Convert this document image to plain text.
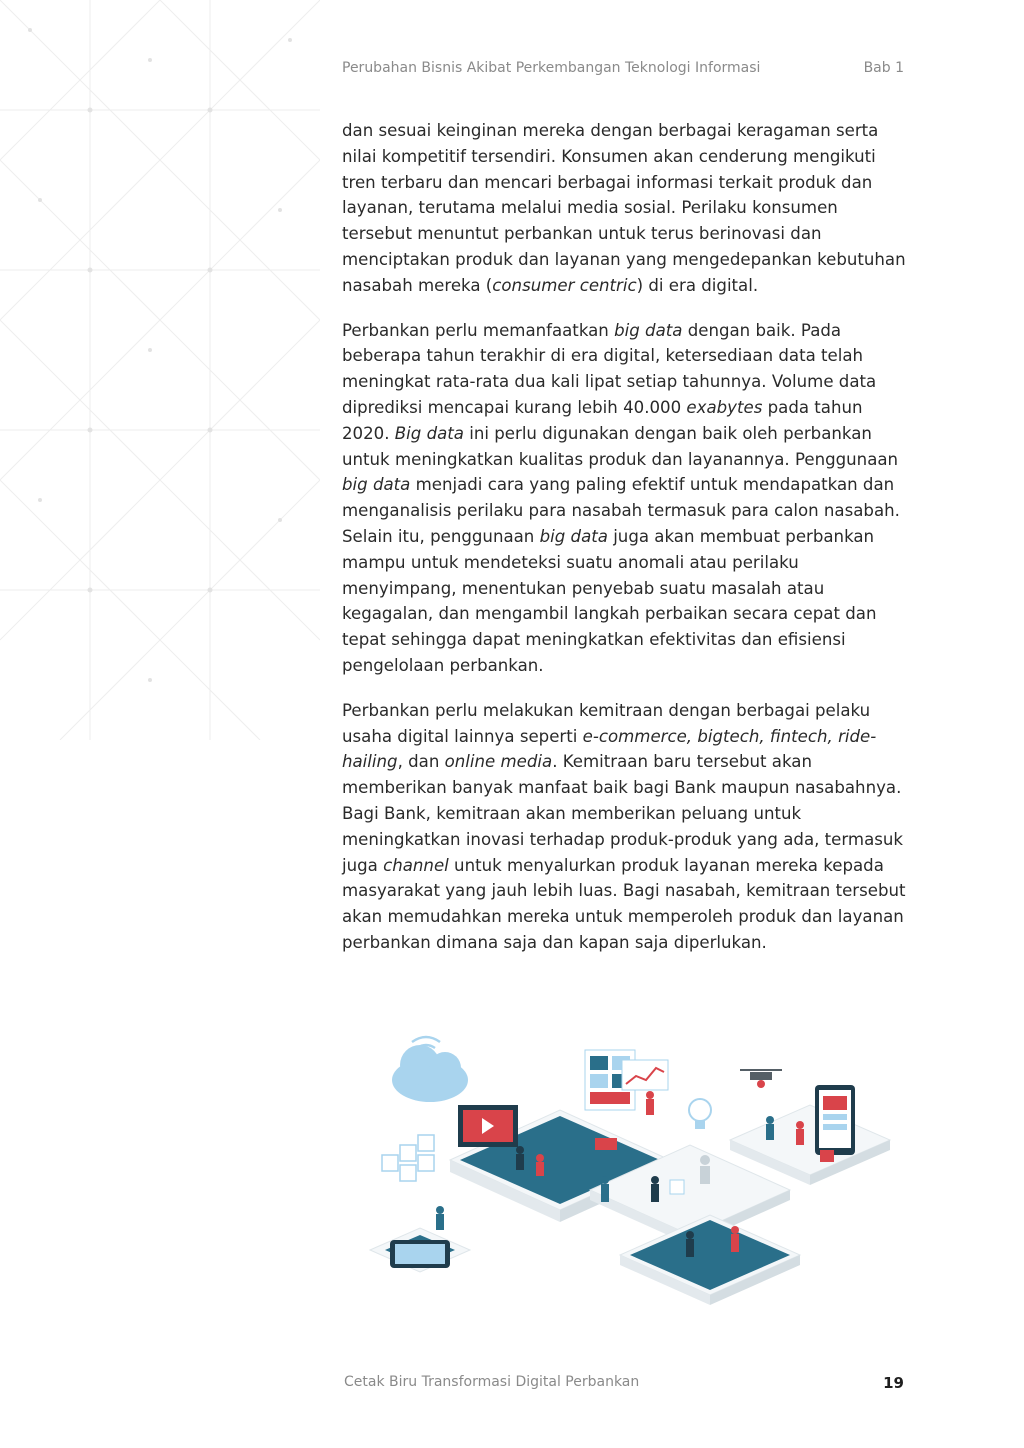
Perubahan Bisnis Akibat Perkembangan Teknologi Informasi	Bab 1

dan sesuai keinginan mereka dengan berbagai keragaman serta nilai kompetitif tersendiri. Konsumen akan cenderung mengikuti tren terbaru dan mencari berbagai informasi terkait produk dan layanan, terutama melalui media sosial. Perilaku konsumen tersebut menuntut perbankan untuk terus berinovasi dan menciptakan produk dan layanan yang mengedepankan kebutuhan nasabah mereka (consumer centric) di era digital.

Perbankan perlu memanfaatkan big data dengan baik. Pada beberapa tahun terakhir di era digital, ketersediaan data telah meningkat rata-rata dua kali lipat setiap tahunnya. Volume data diprediksi mencapai kurang lebih 40.000 exabytes pada tahun 2020. Big data ini perlu digunakan dengan baik oleh perbankan untuk meningkatkan kualitas produk dan layanannya. Penggunaan big data menjadi cara yang paling efektif untuk mendapatkan dan menganalisis perilaku para nasabah termasuk para calon nasabah. Selain itu, penggunaan big data juga akan membuat perbankan mampu untuk mendeteksi suatu anomali atau perilaku menyimpang, menentukan penyebab suatu masalah atau kegagalan, dan mengambil langkah perbaikan secara cepat dan tepat sehingga dapat meningkatkan efektivitas dan efisiensi pengelolaan perbankan.

Perbankan perlu melakukan kemitraan dengan berbagai pelaku usaha digital lainnya seperti e-commerce, bigtech, fintech, ride-hailing, dan online media. Kemitraan baru tersebut akan memberikan banyak manfaat baik bagi Bank maupun nasabahnya. Bagi Bank, kemitraan akan memberikan peluang untuk meningkatkan inovasi terhadap produk-produk yang ada, termasuk juga channel untuk menyalurkan produk layanan mereka kepada masyarakat yang jauh lebih luas. Bagi nasabah, kemitraan tersebut akan memudahkan mereka untuk memperoleh produk dan layanan perbankan dimana saja dan kapan saja diperlukan.

Cetak Biru Transformasi Digital Perbankan	19
